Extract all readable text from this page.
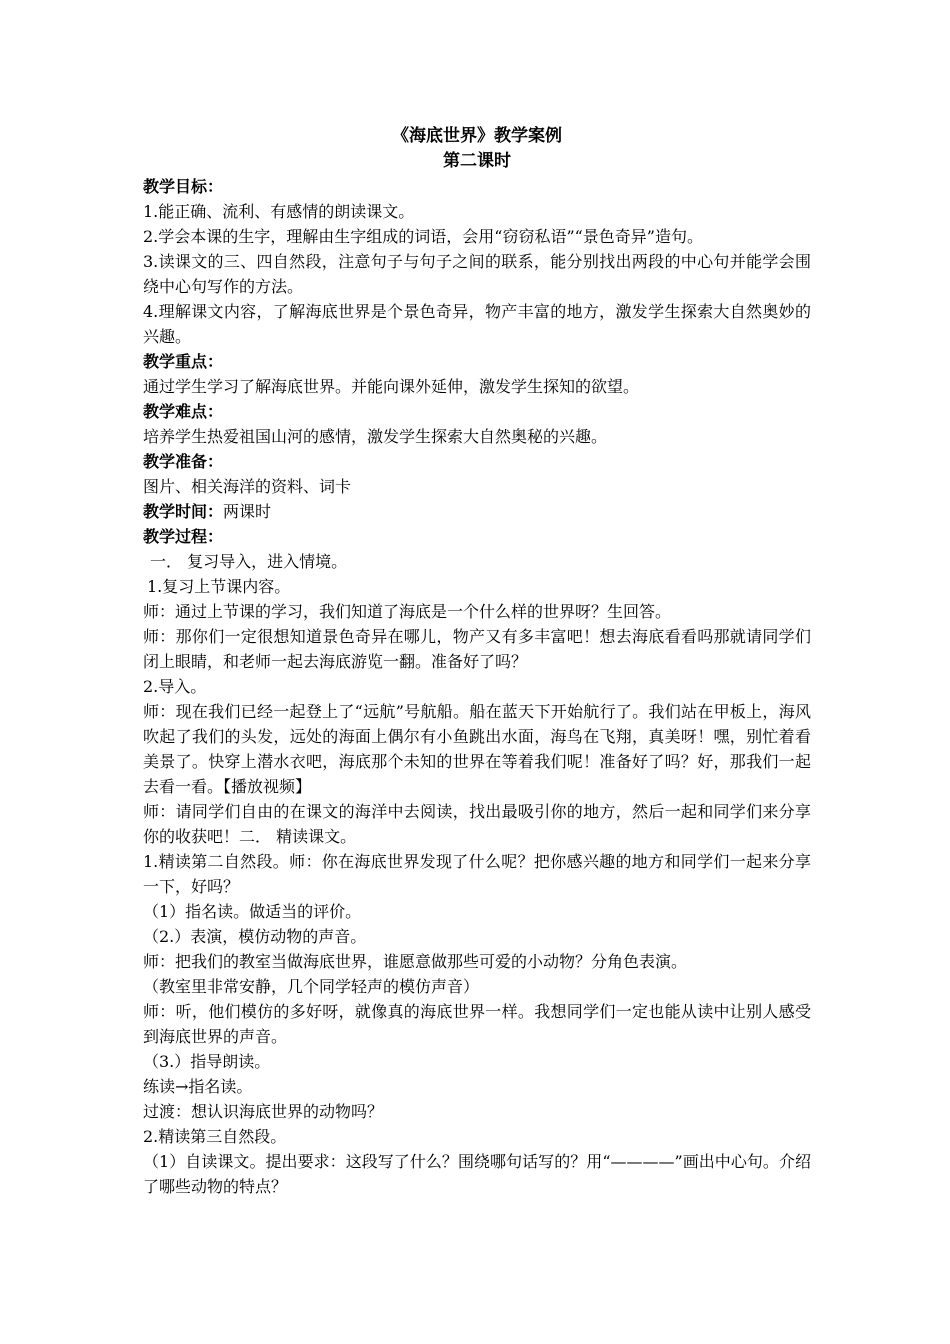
《海底世界》教学案例

第二课时

教学目标：

1.能正确、流利、有感情的朗读课文。

2.学会本课的生字，理解由生字组成的词语，会用“窃窃私语”“景色奇异”造句。

3.读课文的三、四自然段，注意句子与句子之间的联系，能分别找出两段的中心句并能学会围绕中心句写作的方法。

4.理解课文内容，了解海底世界是个景色奇异，物产丰富的地方，激发学生探索大自然奥妙的兴趣。

教学重点：

通过学生学习了解海底世界。并能向课外延伸，激发学生探知的欲望。

教学难点：

培养学生热爱祖国山河的感情，激发学生探索大自然奥秘的兴趣。

教学准备：

图片、相关海洋的资料、词卡

教学时间：两课时

教学过程：

一． 复习导入，进入情境。

1.复习上节课内容。

师：通过上节课的学习，我们知道了海底是一个什么样的世界呀？生回答。

师：那你们一定很想知道景色奇异在哪儿，物产又有多丰富吧！想去海底看看吗那就请同学们闭上眼睛，和老师一起去海底游览一翻。准备好了吗？

2.导入。

师：现在我们已经一起登上了“远航”号航船。船在蓝天下开始航行了。我们站在甲板上，海风吹起了我们的头发，远处的海面上偶尔有小鱼跳出水面，海鸟在飞翔，真美呀！嘿，别忙着看美景了。快穿上潜水衣吧，海底那个未知的世界在等着我们呢！准备好了吗？好，那我们一起去看一看。【播放视频】

师：请同学们自由的在课文的海洋中去阅读，找出最吸引你的地方，然后一起和同学们来分享你的收获吧！二． 精读课文。

1.精读第二自然段。师：你在海底世界发现了什么呢？把你感兴趣的地方和同学们一起来分享一下，好吗？

（1）指名读。做适当的评价。

（2.）表演，模仿动物的声音。

师：把我们的教室当做海底世界，谁愿意做那些可爱的小动物？分角色表演。

（教室里非常安静，几个同学轻声的模仿声音）

师：听，他们模仿的多好呀，就像真的海底世界一样。我想同学们一定也能从读中让别人感受到海底世界的声音。

（3.）指导朗读。

练读→指名读。

过渡：想认识海底世界的动物吗？

2.精读第三自然段。

（1）自读课文。提出要求：这段写了什么？围绕哪句话写的？用“————”画出中心句。介绍了哪些动物的特点？
